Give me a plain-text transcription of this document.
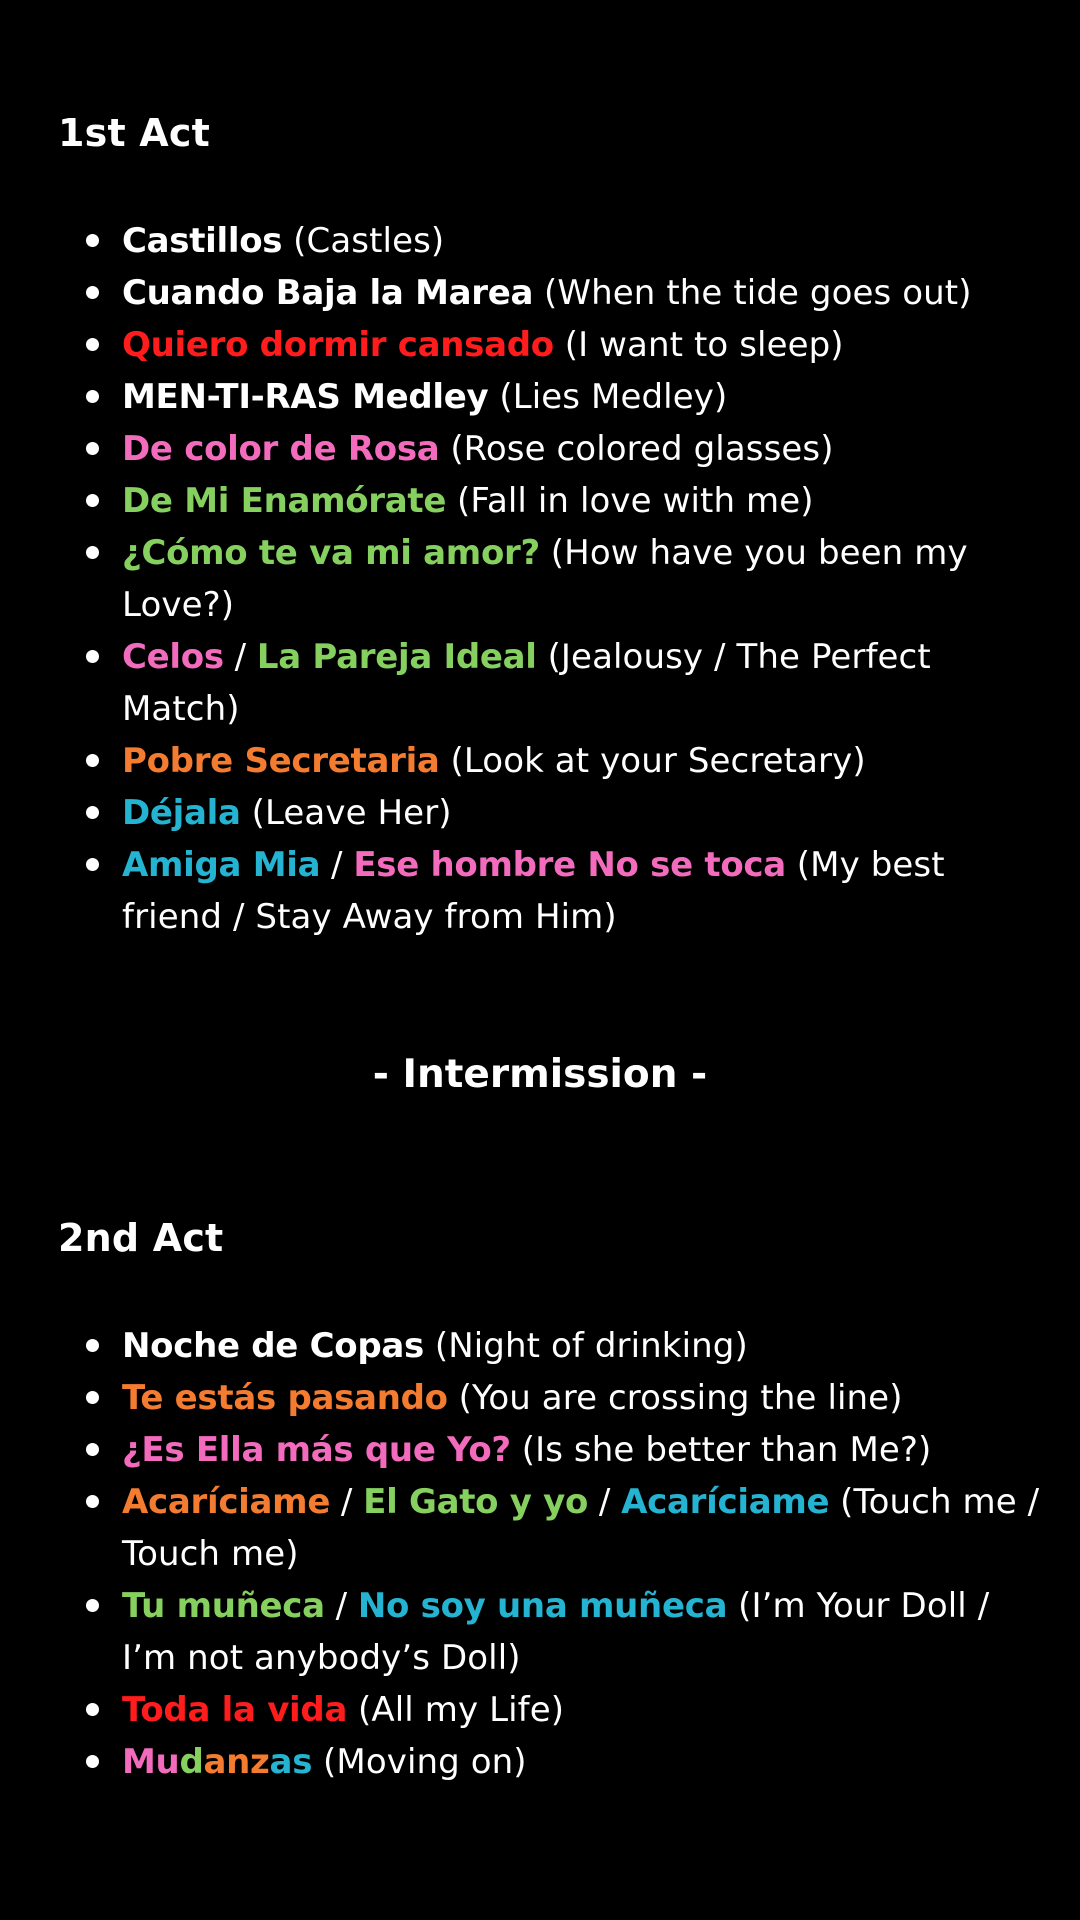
1st Act
Castillos (Castles)
Cuando Baja la Marea (When the tide goes out)
Quiero dormir cansado (I want to sleep)
MEN-TI-RAS Medley (Lies Medley)
De color de Rosa (Rose colored glasses)
De Mi Enamórate (Fall in love with me)
¿Cómo te va mi amor? (How have you been my Love?)
Celos / La Pareja Ideal (Jealousy / The Perfect Match)
Pobre Secretaria (Look at your Secretary)
Déjala (Leave Her)
Amiga Mia / Ese hombre No se toca (My best friend / Stay Away from Him)
- Intermission -
2nd Act
Noche de Copas (Night of drinking)
Te estás pasando (You are crossing the line)
¿Es Ella más que Yo? (Is she better than Me?)
Acaríciame / El Gato y yo / Acaríciame (Touch me / Touch me)
Tu muñeca / No soy una muñeca (I’m Your Doll / I’m not anybody’s Doll)
Toda la vida (All my Life)
Mudanzas (Moving on)
